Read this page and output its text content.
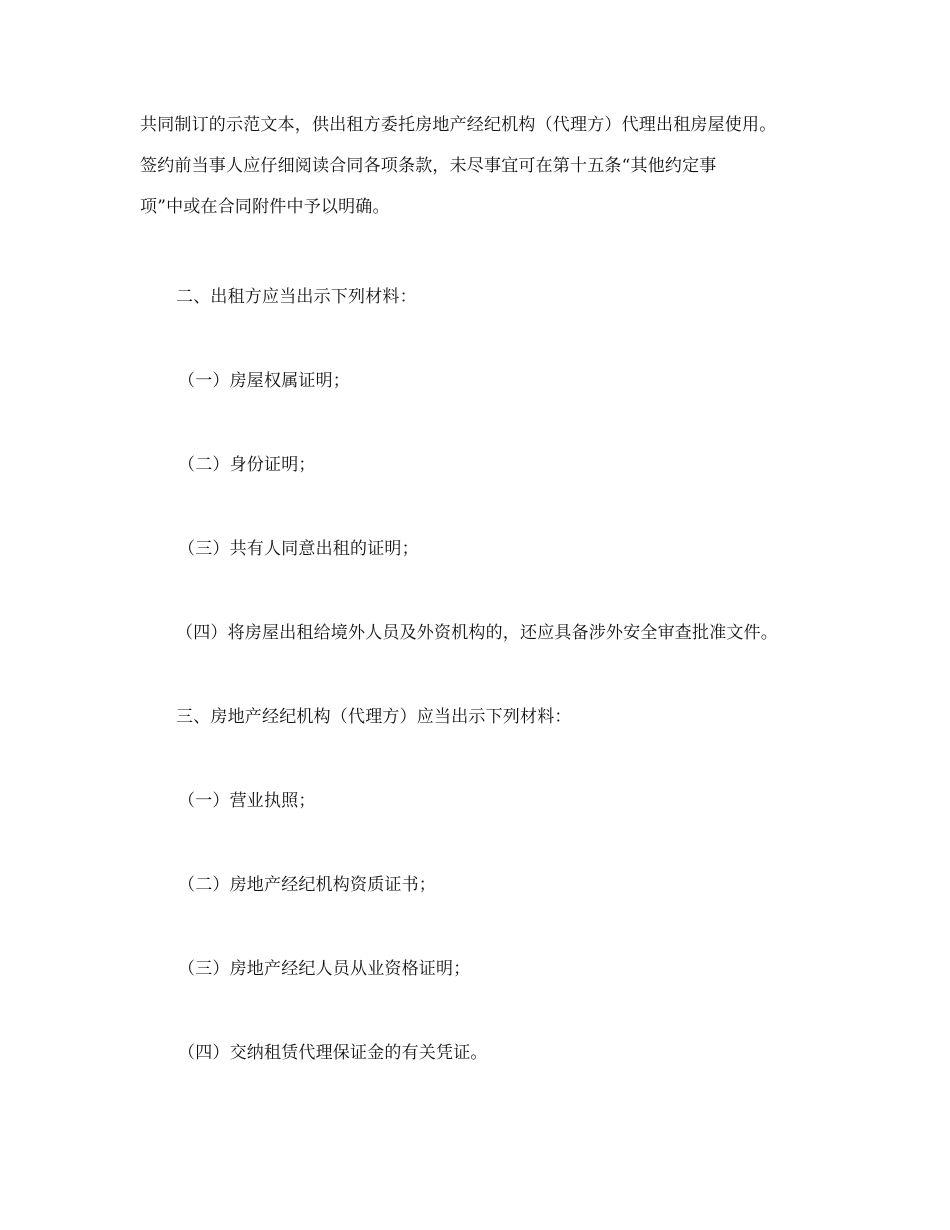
共同制订的示范文本，供出租方委托房地产经纪机构（代理方）代理出租房屋使用。
签约前当事人应仔细阅读合同各项条款，未尽事宜可在第十五条“其他约定事
项”中或在合同附件中予以明确。
二、出租方应当出示下列材料：
（一）房屋权属证明；
（二）身份证明；
（三）共有人同意出租的证明；
（四）将房屋出租给境外人员及外资机构的，还应具备涉外安全审查批准文件。
三、房地产经纪机构（代理方）应当出示下列材料：
（一）营业执照；
（二）房地产经纪机构资质证书；
（三）房地产经纪人员从业资格证明；
（四）交纳租赁代理保证金的有关凭证。
